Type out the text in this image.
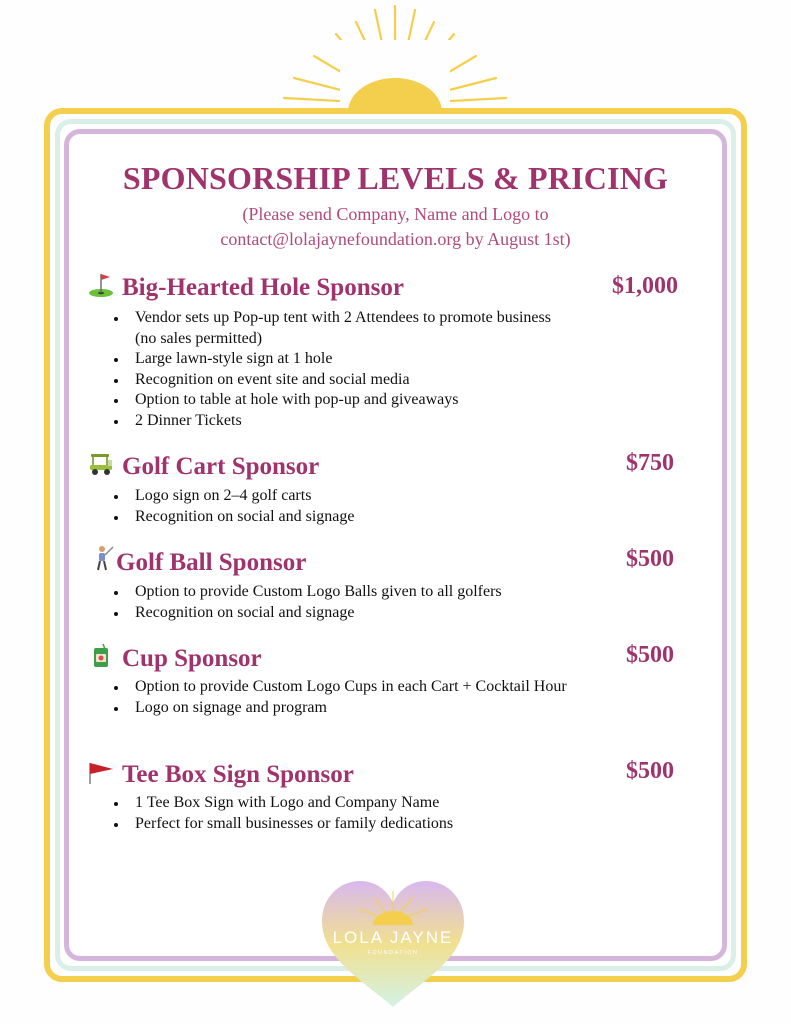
SPONSORSHIP LEVELS & PRICING
(Please send Company, Name and Logo to
contact@lolajaynefoundation.org by August 1st)
Big-Hearted Hole Sponsor	$1,000
Vendor sets up Pop-up tent with 2 Attendees to promote business (no sales permitted)
Large lawn-style sign at 1 hole
Recognition on event site and social media
Option to table at hole with pop-up and giveaways
2 Dinner Tickets
Golf Cart Sponsor	$750
Logo sign on 2–4 golf carts
Recognition on social and signage
Golf Ball Sponsor	$500
Option to provide Custom Logo Balls given to all golfers
Recognition on social and signage
Cup Sponsor	$500
Option to provide Custom Logo Cups in each Cart + Cocktail Hour
Logo on signage and program
Tee Box Sign Sponsor	$500
1 Tee Box Sign with Logo and Company Name
Perfect for small businesses or family dedications
LOLA JAYNE
FOUNDATION
